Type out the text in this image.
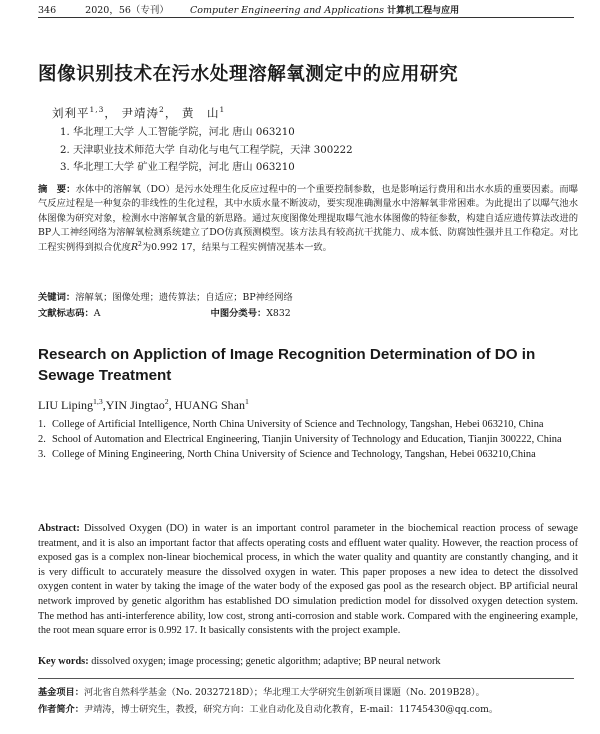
346	2020，56（专刊） Computer Engineering and Applications 计算机工程与应用
图像识别技术在污水处理溶解氧测定中的应用研究
刘利平$^{1,3}$， 尹靖涛$^2$， 黄　山$^1$
1. 华北理工大学 人工智能学院，河北 唐山 063210
2. 天津职业技术师范大学 自动化与电气工程学院，天津 300222
3. 华北理工大学 矿业工程学院，河北 唐山 063210
摘　要：水体中的溶解氧（DO）是污水处理生化反应过程中的一个重要控制参数，也是影响运行费用和出水水质的重要因素。而曝气反应过程是一种复杂的非线性的生化过程，其中水质水量不断波动，要实现准确测量水中溶解氧非常困难。为此提出了以曝气池水体图像为研究对象，检测水中溶解氧含量的新思路。通过灰度图像处理提取曝气池水体图像的特征参数，构建自适应遗传算法改进的BP人工神经网络为溶解氧检测系统建立了DO仿真预测模型。该方法具有较高抗干扰能力、成本低、防腐蚀性强并且工作稳定。对比工程实例得到拟合优度$R^2$为0.992 17，结果与工程实例情况基本一致。
关键词：溶解氧；图像处理；遗传算法；自适应；BP神经网络
文献标志码：A	中图分类号：X832
Research on Appliction of Image Recognition Determination of DO in Sewage Treatment
LIU Liping$^{1,3}$,YIN Jingtao$^2$, HUANG Shan$^1$
1. College of Artificial Intelligence, North China University of Science and Technology, Tangshan, Hebei 063210, China
2. School of Automation and Electrical Engineering, Tianjin University of Technology and Education, Tianjin 300222, China
3. College of Mining Engineering, North China University of Science and Technology, Tangshan, Hebei 063210,China
Abstract: Dissolved Oxygen (DO) in water is an important control parameter in the biochemical reaction process of sewage treatment, and it is also an important factor that affects operating costs and effluent water quality. However, the reaction process of exposed gas is a complex non-linear biochemical process, in which the water quality and quantity are constantly changing, and it is very difficult to accurately measure the dissolved oxygen in water. This paper proposes a new idea to detect the dissolved oxygen content in water by taking the image of the water body of the exposed gas pool as the research object. BP artificial neural network improved by genetic algorithm has established DO simulation prediction model for dissolved oxygen detection system. The method has anti-interference ability, low cost, strong anti-corrosion and stable work. Compared with the engineering example, the root mean square error is 0.992 17. It basically consistents with the project example.
Key words: dissolved oxygen; image processing; genetic algorithm; adaptive; BP neural network
基金项目：河北省自然科学基金（No. 20327218D）；华北理工大学研究生创新项目课题（No. 2019B28）。
作者简介：尹靖涛，博士研究生，教授，研究方向：工业自动化及自动化教育，E-mail：11745430@qq.com。
